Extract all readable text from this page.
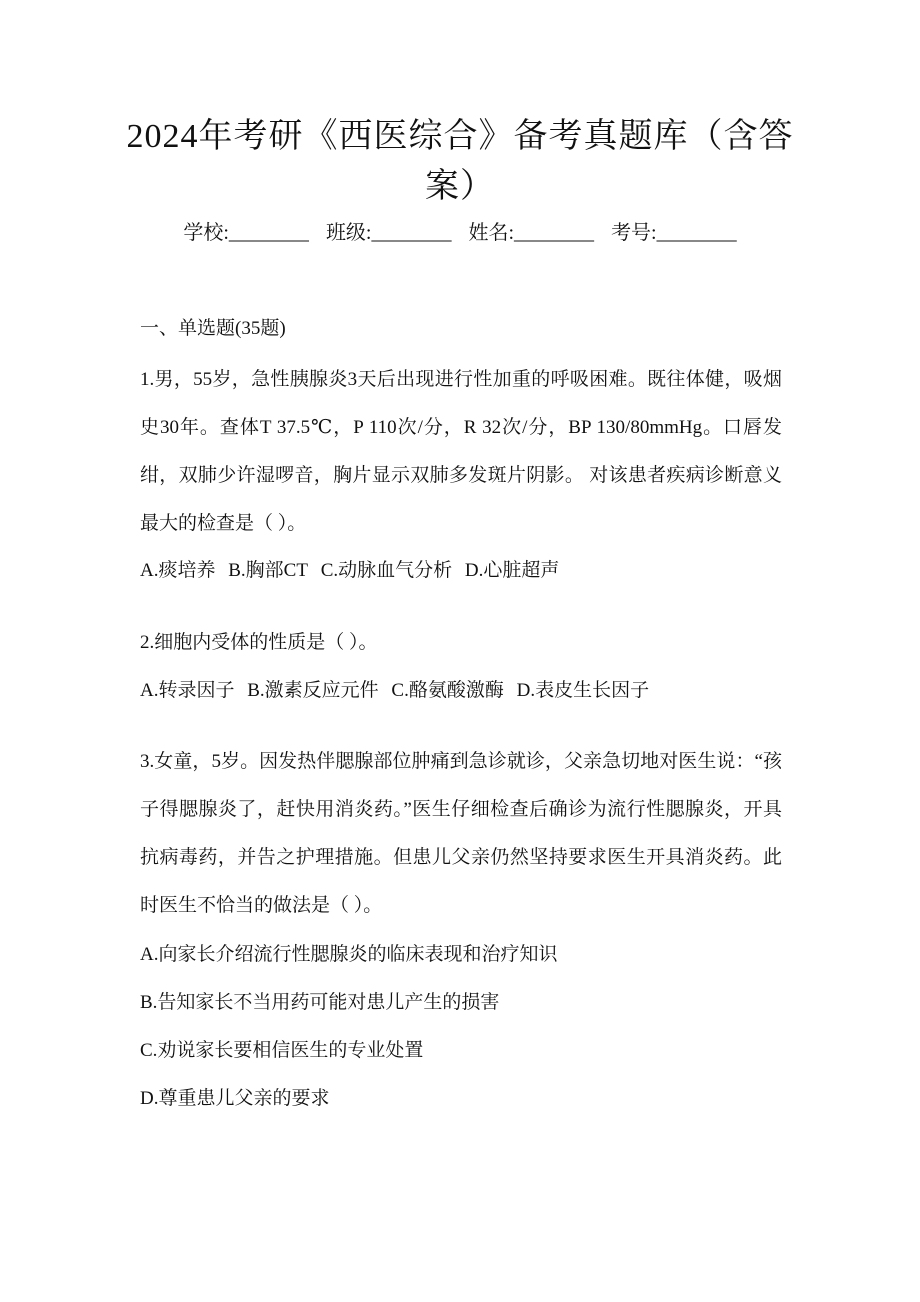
2024年考研《西医综合》备考真题库（含答案）
学校:________ 班级:________ 姓名:________ 考号:________
一、单选题(35题)
1.男，55岁，急性胰腺炎3天后出现进行性加重的呼吸困难。既往体健，吸烟史30年。查体T 37.5℃，P 110次/分，R 32次/分，BP 130/80mmHg。口唇发绀，双肺少许湿啰音，胸片显示双肺多发斑片阴影。 对该患者疾病诊断意义最大的检查是（ ）。
A.痰培养 B.胸部CT C.动脉血气分析 D.心脏超声
2.细胞内受体的性质是（ ）。
A.转录因子 B.激素反应元件 C.酪氨酸激酶 D.表皮生长因子
3.女童，5岁。因发热伴腮腺部位肿痛到急诊就诊，父亲急切地对医生说：“孩子得腮腺炎了，赶快用消炎药。”医生仔细检查后确诊为流行性腮腺炎，开具抗病毒药，并告之护理措施。但患儿父亲仍然坚持要求医生开具消炎药。此时医生不恰当的做法是（ ）。
A.向家长介绍流行性腮腺炎的临床表现和治疗知识
B.告知家长不当用药可能对患儿产生的损害
C.劝说家长要相信医生的专业处置
D.尊重患儿父亲的要求
